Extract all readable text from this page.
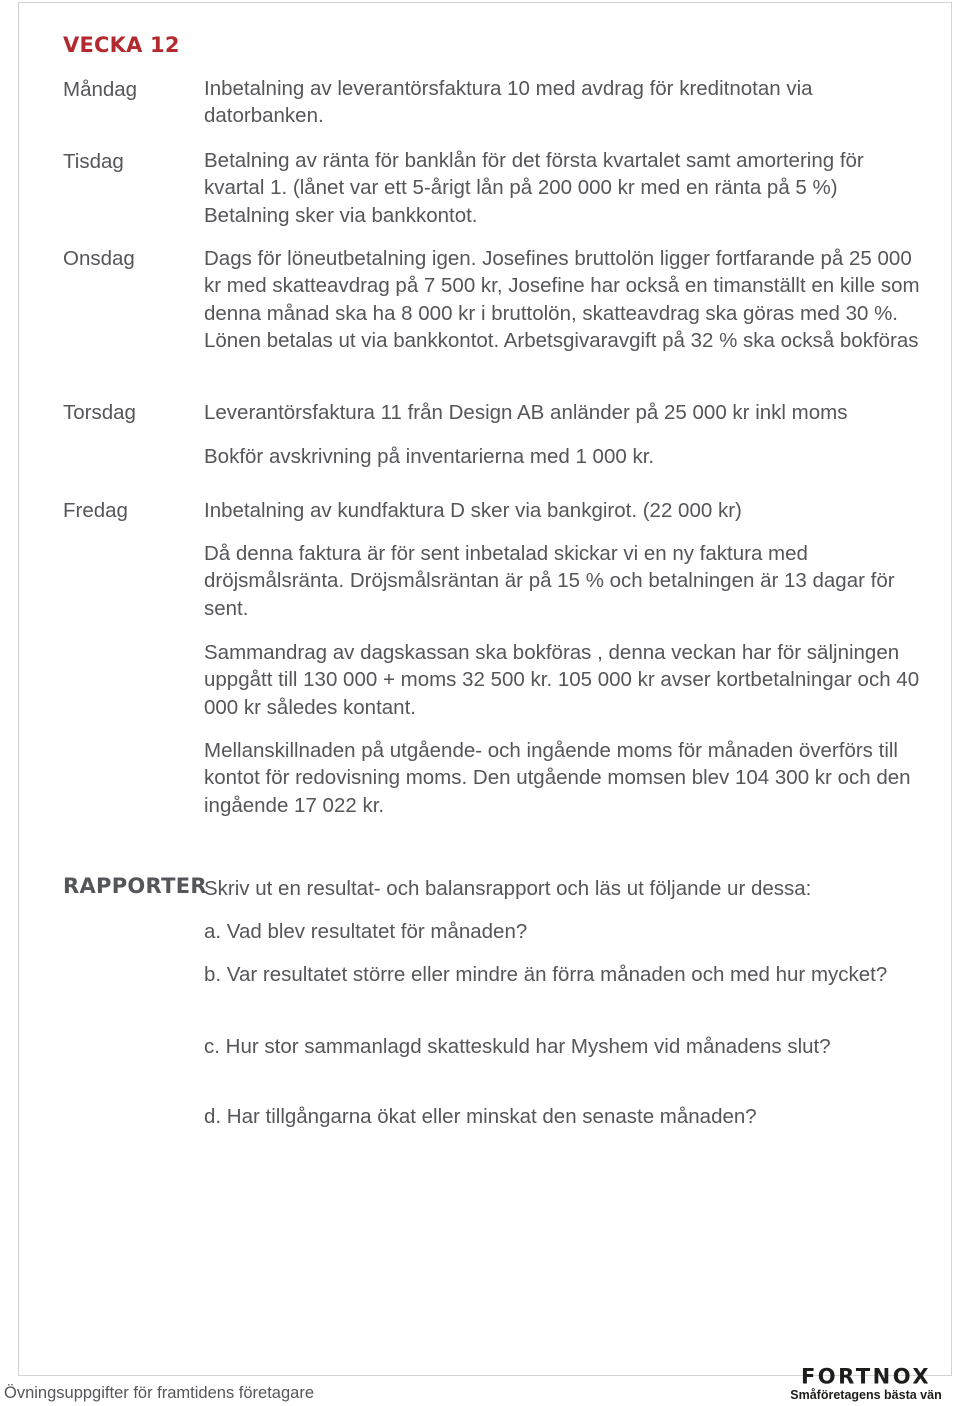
VECKA 12
Måndag	Inbetalning av leverantörsfaktura 10 med avdrag för kreditnotan via datorbanken.

Tisdag	Betalning av ränta för banklån för det första kvartalet samt amortering för kvartal 1. (lånet var ett 5-årigt lån på 200 000 kr med en ränta på 5 %) Betalning sker via bankkontot.

Onsdag	Dags för löneutbetalning igen. Josefines bruttolön ligger fortfarande på 25 000 kr med skatteavdrag på 7 500 kr, Josefine har också en timanställt en kille som denna månad ska ha 8 000 kr i bruttolön, skatteavdrag ska göras med 30 %. Lönen betalas ut via bankkontot. Arbetsgivaravgift på 32 % ska också bokföras

Torsdag	Leverantörsfaktura 11 från Design AB anländer på 25 000 kr inkl moms

Bokför avskrivning på inventarierna med 1 000 kr.

Fredag	Inbetalning av kundfaktura D sker via bankgirot. (22 000 kr)

Då denna faktura är för sent inbetalad skickar vi en ny faktura med dröjsmålsränta. Dröjsmålsräntan är på 15 % och betalningen är 13 dagar för sent.

Sammandrag av dagskassan ska bokföras , denna veckan har för säljningen uppgått till 130 000 + moms 32 500 kr. 105 000 kr avser kortbetalningar och 40 000 kr således kontant.

Mellanskillnaden på utgående- och ingående moms för månaden överförs till kontot för redovisning moms. Den utgående momsen blev 104 300 kr och den ingående 17 022 kr.

RAPPORTER

Skriv ut en resultat- och balansrapport och läs ut följande ur dessa:

a. Vad blev resultatet för månaden?

b. Var resultatet större eller mindre än förra månaden och med hur mycket?

c. Hur stor sammanlagd skatteskuld har Myshem vid månadens slut?

d. Har tillgångarna ökat eller minskat den senaste månaden?

Övningsuppgifter för framtidens företagare
FORTNOX
Småföretagens bästa vän
